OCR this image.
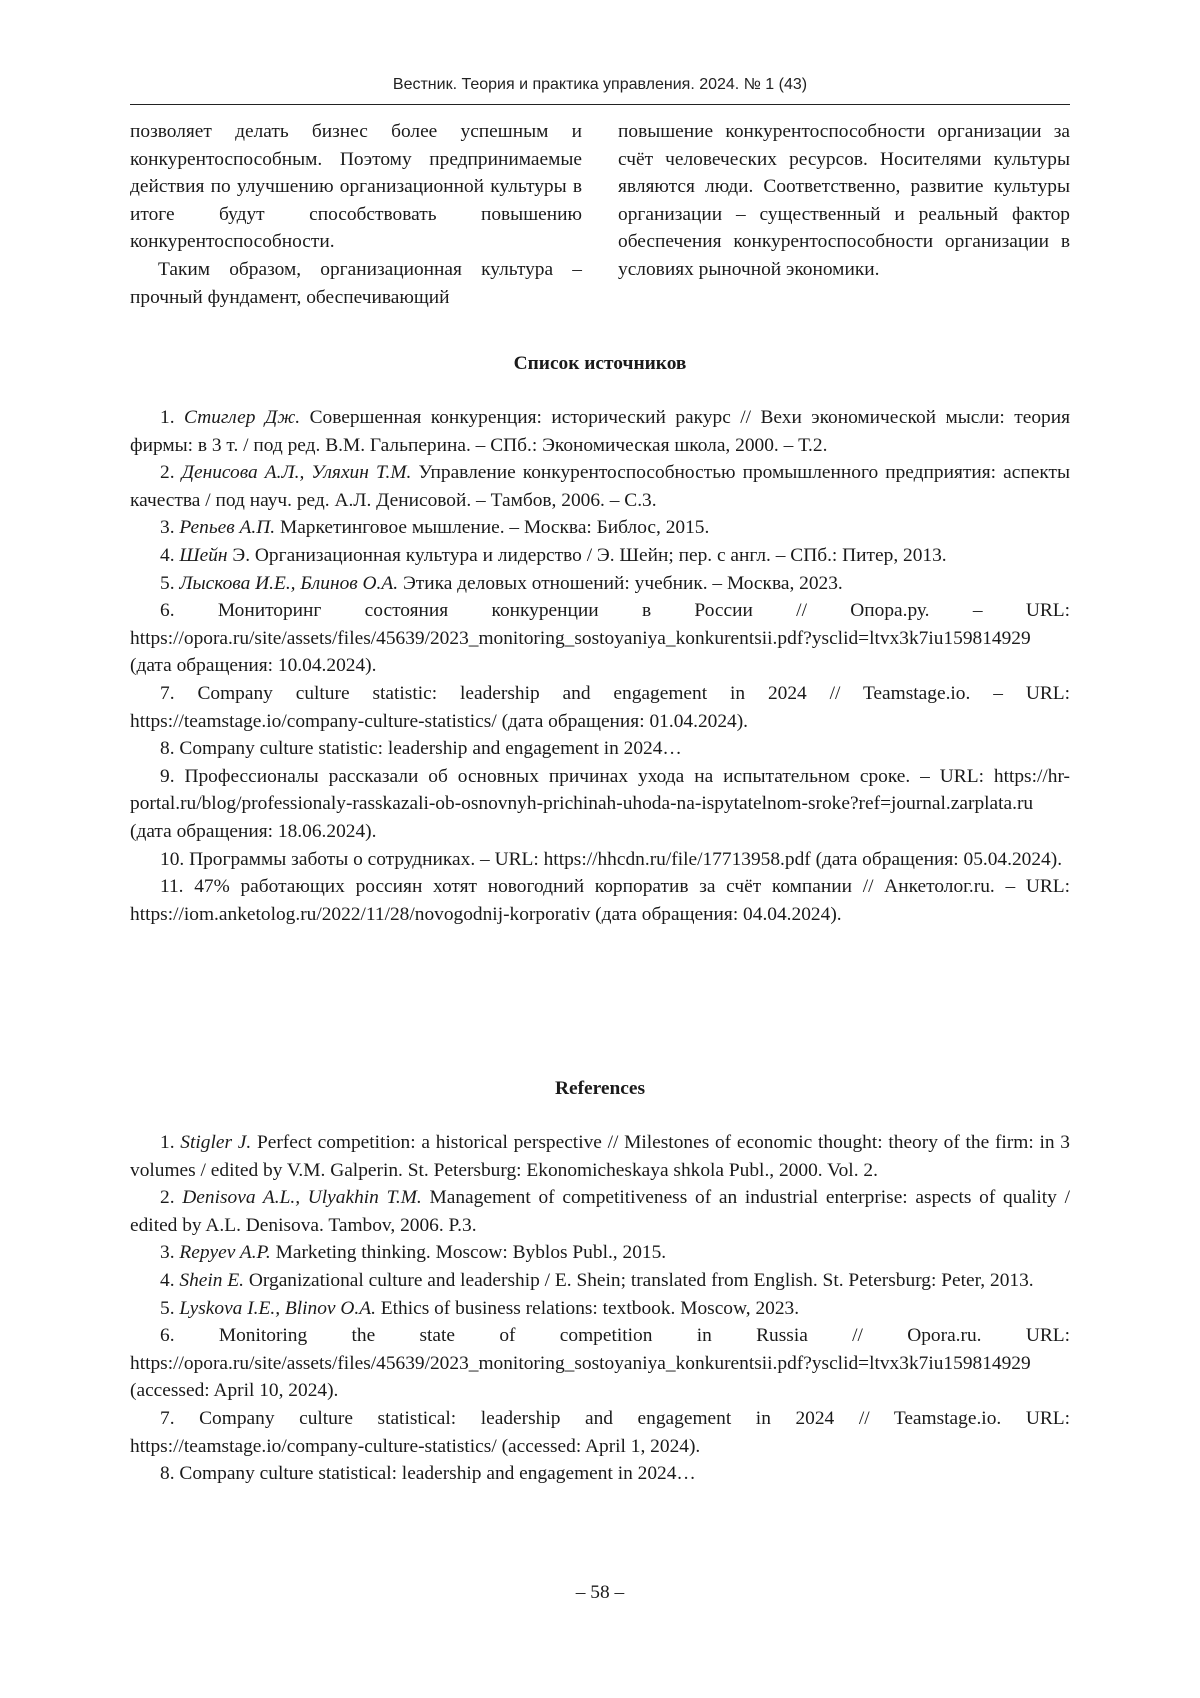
Вестник. Теория и практика управления. 2024. № 1 (43)

позволяет делать бизнес более успешным и конкурентоспособным. Поэтому предпринимаемые действия по улучшению организационной культуры в итоге будут способствовать повышению конкурентоспособности.

Таким образом, организационная культура – прочный фундамент, обеспечивающий

повышение конкурентоспособности организации за счёт человеческих ресурсов. Носителями культуры являются люди. Соответственно, развитие культуры организации – существенный и реальный фактор обеспечения конкурентоспособности организации в условиях рыночной экономики.

Список источников
1. Стиглер Дж. Совершенная конкуренция: исторический ракурс // Вехи экономической мысли: теория фирмы: в 3 т. / под ред. В.М. Гальперина. – СПб.: Экономическая школа, 2000. – Т.2.
2. Денисова А.Л., Уляхин Т.М. Управление конкурентоспособностью промышленного предприятия: аспекты качества / под науч. ред. А.Л. Денисовой. – Тамбов, 2006. – С.3.
3. Репьев А.П. Маркетинговое мышление. – Москва: Библос, 2015.
4. Шейн Э. Организационная культура и лидерство / Э. Шейн; пер. с англ. – СПб.: Питер, 2013.
5. Лыскова И.Е., Блинов О.А. Этика деловых отношений: учебник. – Москва, 2023.
6. Мониторинг состояния конкуренции в России // Опора.ру. – URL: https://opora.ru/site/assets/files/45639/2023_monitoring_sostoyaniya_konkurentsii.pdf?ysclid=ltvx3k7iu159814929 (дата обращения: 10.04.2024).
7. Company culture statistic: leadership and engagement in 2024 // Teamstage.io. – URL: https://teamstage.io/company-culture-statistics/ (дата обращения: 01.04.2024).
8. Company culture statistic: leadership and engagement in 2024…
9. Профессионалы рассказали об основных причинах ухода на испытательном сроке. – URL: https://hr-portal.ru/blog/professionaly-rasskazali-ob-osnovnyh-prichinah-uhoda-na-ispytatelnom-sroke?ref=journal.zarplata.ru (дата обращения: 18.06.2024).
10. Программы заботы о сотрудниках. – URL: https://hhcdn.ru/file/17713958.pdf (дата обращения: 05.04.2024).
11. 47% работающих россиян хотят новогодний корпоратив за счёт компании // Анкетолог.ru. – URL: https://iom.anketolog.ru/2022/11/28/novogodnij-korporativ (дата обращения: 04.04.2024).
References
1. Stigler J. Perfect competition: a historical perspective // Milestones of economic thought: theory of the firm: in 3 volumes / edited by V.M. Galperin. St. Petersburg: Ekonomicheskaya shkola Publ., 2000. Vol. 2.
2. Denisova A.L., Ulyakhin T.M. Management of competitiveness of an industrial enterprise: aspects of quality / edited by A.L. Denisova. Tambov, 2006. P.3.
3. Repyev A.P. Marketing thinking. Moscow: Byblos Publ., 2015.
4. Shein E. Organizational culture and leadership / E. Shein; translated from English. St. Petersburg: Peter, 2013.
5. Lyskova I.E., Blinov O.A. Ethics of business relations: textbook. Moscow, 2023.
6. Monitoring the state of competition in Russia // Opora.ru. URL: https://opora.ru/site/assets/files/45639/2023_monitoring_sostoyaniya_konkurentsii.pdf?ysclid=ltvx3k7iu159814929 (accessed: April 10, 2024).
7. Company culture statistical: leadership and engagement in 2024 // Teamstage.io. URL: https://teamstage.io/company-culture-statistics/ (accessed: April 1, 2024).
8. Company culture statistical: leadership and engagement in 2024…
– 58 –
